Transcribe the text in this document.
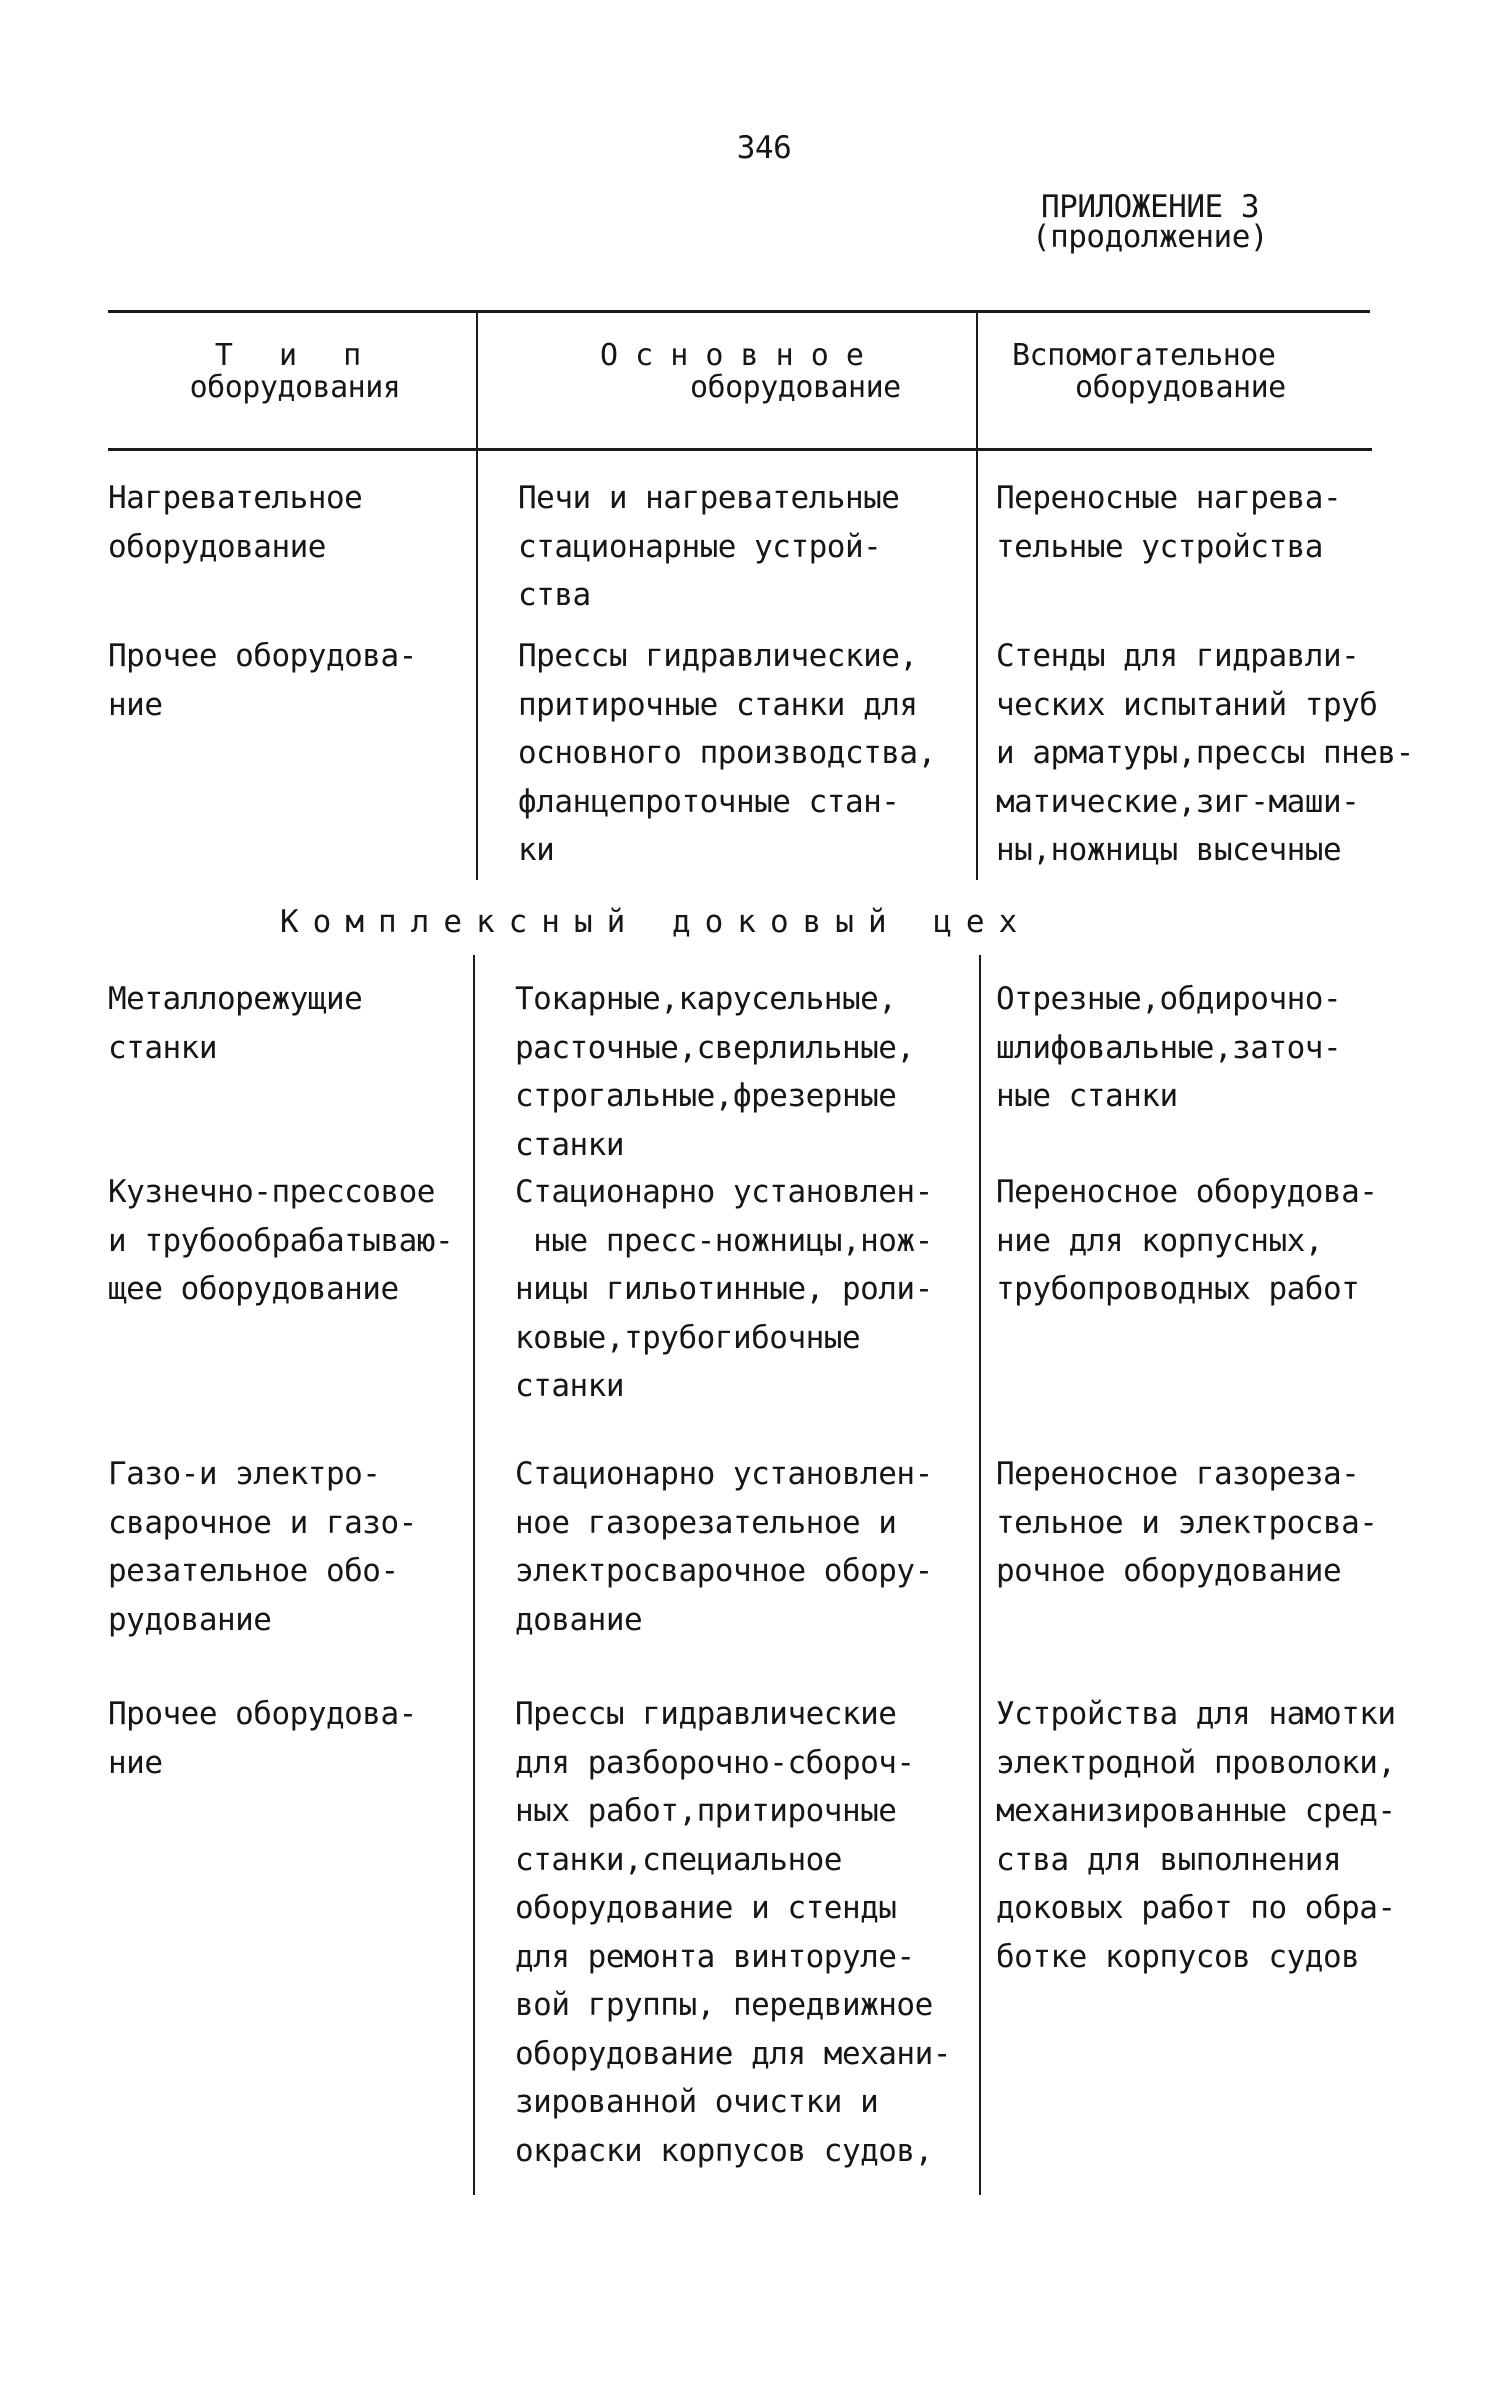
346
ПРИЛОЖЕНИЕ 3
(продолжение)
Т и п
оборудования
О с н о в н о е
оборудование
Вспомогательное
оборудование
Нагревательное
оборудование
Печи и нагревательные
стационарные устрой-
ства
Переносные нагрева-
тельные устройства
Прочее оборудова-
ние
Прессы гидравлические,
притирочные станки для
основного производства,
фланцепроточные стан-
ки
Стенды для гидравли-
ческих испытаний труб
и арматуры,прессы пнев-
матические,зиг-маши-
ны,ножницы высечные
Комплексный доковый цех
Металлорежущие
станки
Токарные,карусельные,
расточные,сверлильные,
строгальные,фрезерные
станки
Отрезные,обдирочно-
шлифовальные,заточ-
ные станки
Кузнечно-прессовое
и трубообрабатываю-
щее оборудование
Стационарно установлен-
ные пресс-ножницы,нож-
ницы гильотинные, роли-
ковые,трубогибочные
станки
Переносное оборудова-
ние для корпусных,
трубопроводных работ
Газо-и электро-
сварочное и газо-
резательное обо-
рудование
Стационарно установлен-
ное газорезательное и
электросварочное обору-
дование
Переносное газореза-
тельное и электросва-
рочное оборудование
Прочее оборудова-
ние
Прессы гидравлические
для разборочно-сбороч-
ных работ,притирочные
станки,специальное
оборудование и стенды
для ремонта винторуле-
вой группы, передвижное
оборудование для механи-
зированной очистки и
окраски корпусов судов,
Устройства для намотки
электродной проволоки,
механизированные сред-
ства для выполнения
доковых работ по обра-
ботке корпусов судов
